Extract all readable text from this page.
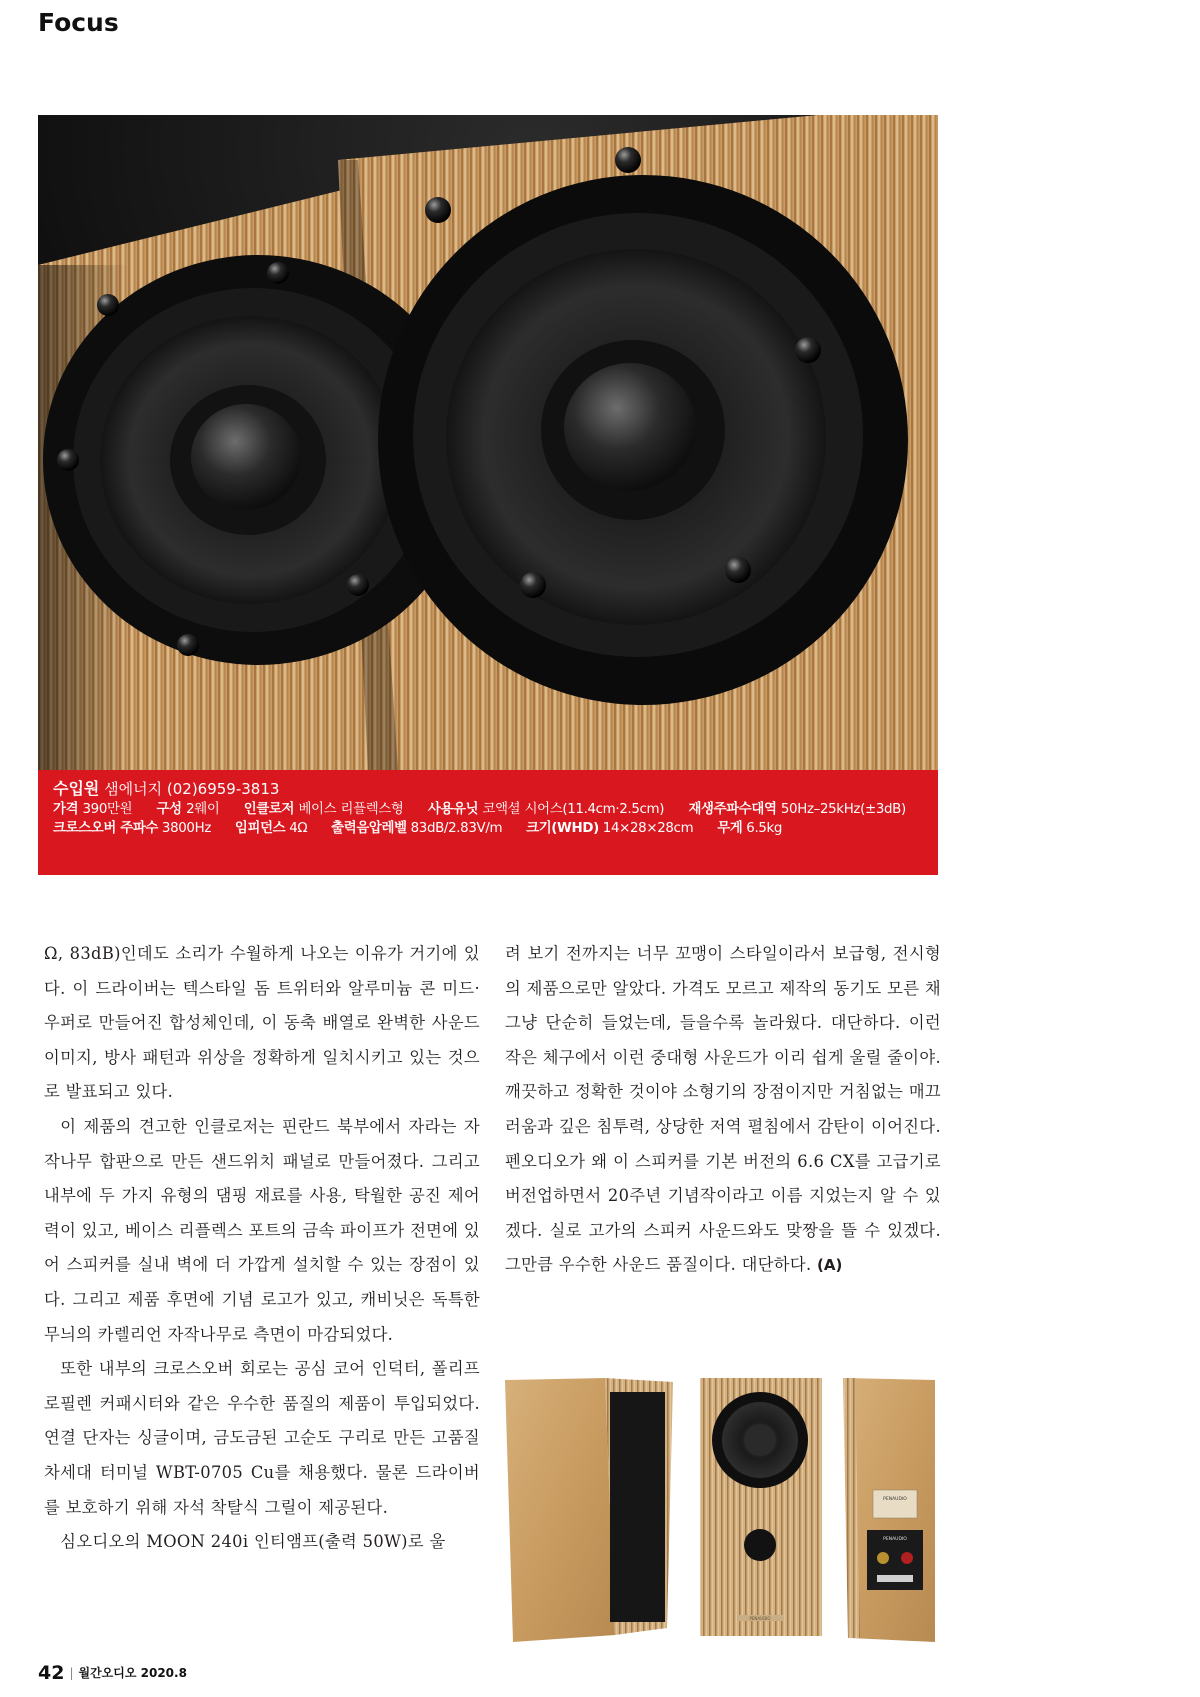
Focus
수입원 샘에너지 (02)6959-3813
가격 390만원 구성 2웨이 인클로저 베이스 리플렉스형 사용유닛 코액셜 시어스(11.4cm·2.5cm) 재생주파수대역 50Hz–25kHz(±3dB) 크로스오버 주파수 3800Hz 임피던스 4Ω 출력음압레벨 83dB/2.83V/m 크기(WHD) 14×28×28cm 무게 6.5kg

Ω, 83dB)인데도 소리가 수월하게 나오는 이유가 거기에 있다. 이 드라이버는 텍스타일 돔 트위터와 알루미늄 콘 미드·우퍼로 만들어진 합성체인데, 이 동축 배열로 완벽한 사운드 이미지, 방사 패턴과 위상을 정확하게 일치시키고 있는 것으로 발표되고 있다.

이 제품의 견고한 인클로저는 핀란드 북부에서 자라는 자작나무 합판으로 만든 샌드위치 패널로 만들어졌다. 그리고 내부에 두 가지 유형의 댐핑 재료를 사용, 탁월한 공진 제어력이 있고, 베이스 리플렉스 포트의 금속 파이프가 전면에 있어 스피커를 실내 벽에 더 가깝게 설치할 수 있는 장점이 있다. 그리고 제품 후면에 기념 로고가 있고, 캐비닛은 독특한 무늬의 카렐리언 자작나무로 측면이 마감되었다.

또한 내부의 크로스오버 회로는 공심 코어 인덕터, 폴리프로필렌 커패시터와 같은 우수한 품질의 제품이 투입되었다. 연결 단자는 싱글이며, 금도금된 고순도 구리로 만든 고품질 차세대 터미널 WBT-0705 Cu를 채용했다. 물론 드라이버를 보호하기 위해 자석 착탈식 그릴이 제공된다.

심오디오의 MOON 240i 인티앰프(출력 50W)로 울

려 보기 전까지는 너무 꼬맹이 스타일이라서 보급형, 전시형의 제품으로만 알았다. 가격도 모르고 제작의 동기도 모른 채 그냥 단순히 들었는데, 들을수록 놀라웠다. 대단하다. 이런 작은 체구에서 이런 중대형 사운드가 이리 쉽게 울릴 줄이야. 깨끗하고 정확한 것이야 소형기의 장점이지만 거침없는 매끄러움과 깊은 침투력, 상당한 저역 펼침에서 감탄이 이어진다. 펜오디오가 왜 이 스피커를 기본 버전의 6.6 CX를 고급기로 버전업하면서 20주년 기념작이라고 이름 지었는지 알 수 있겠다. 실로 고가의 스피커 사운드와도 맞짱을 뜰 수 있겠다. 그만큼 우수한 사운드 품질이다. 대단하다. (A)

PENAUDIO
PENAUDIO
PENAUDIO
42 | 월간오디오 2020.8
